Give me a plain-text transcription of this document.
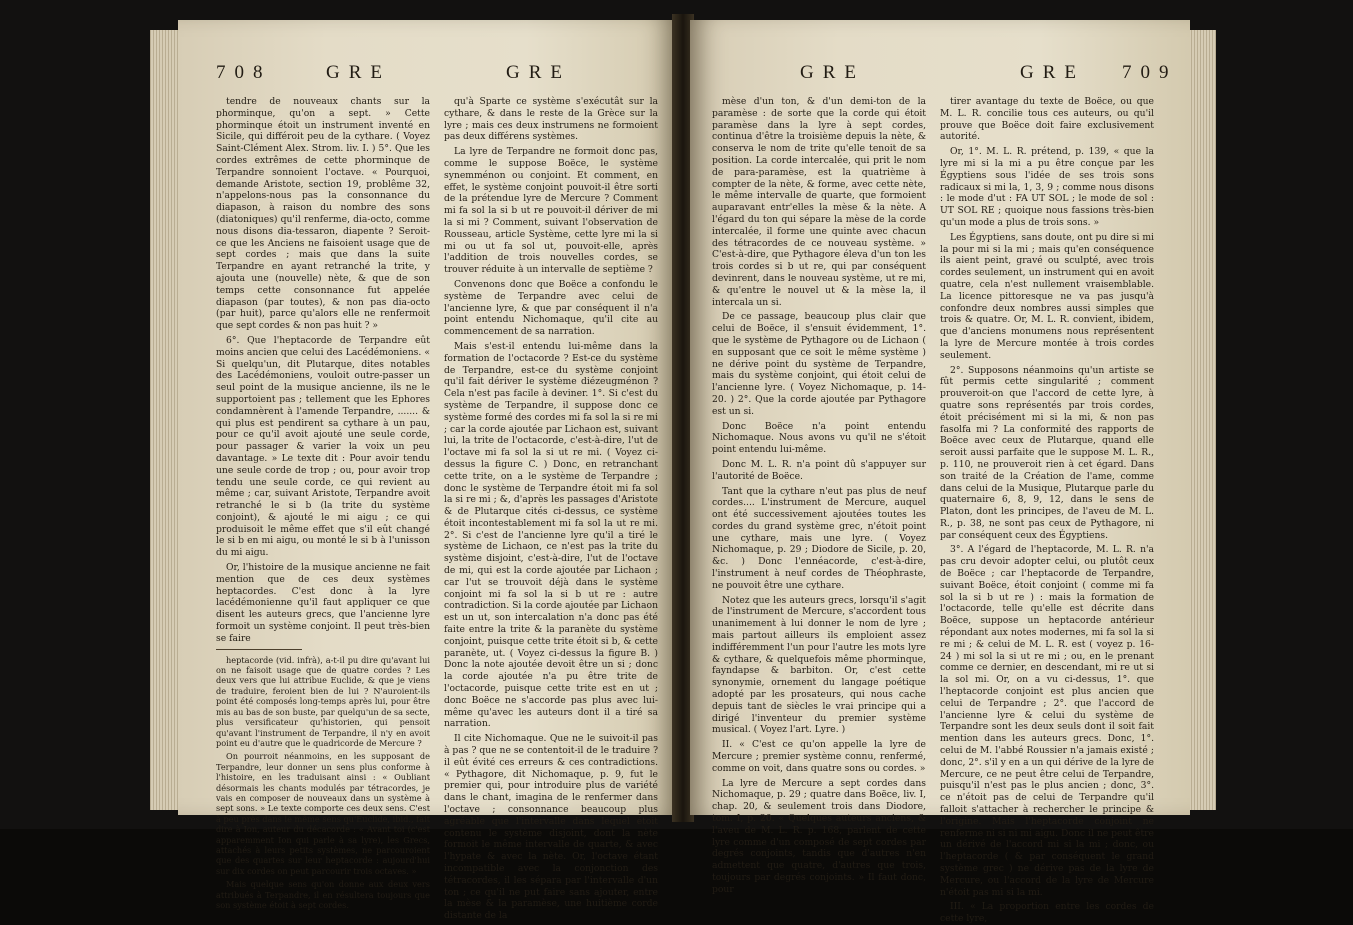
708	GRE	GRE

tendre de nouveaux chants sur la phorminque, qu'on a sept. » Cette phorminque étoit un instrument inventé en Sicile, qui différoit peu de la cythare. ( Voyez Saint-Clément Alex. Strom. liv. I. ) 5°. Que les cordes extrêmes de cette phorminque de Terpandre sonnoient l'octave. « Pourquoi, demande Aristote, section 19, problême 32, n'appelons-nous pas la consonnance du diapason, à raison du nombre des sons (diatoniques) qu'il renferme, dia-octo, comme nous disons dia-tessaron, diapente ? Seroit-ce que les Anciens ne faisoient usage que de sept cordes ; mais que dans la suite Terpandre en ayant retranché la trite, y ajouta une (nouvelle) nète, & que de son temps cette consonnance fut appelée diapason (par toutes), & non pas dia-octo (par huit), parce qu'alors elle ne renfermoit que sept cordes & non pas huit ? »

6°. Que l'heptacorde de Terpandre eût moins ancien que celui des Lacédémoniens. « Si quelqu'un, dit Plutarque, dites notables des Lacédémoniens, vouloit outre-passer un seul point de la musique ancienne, ils ne le supportoient pas ; tellement que les Ephores condamnèrent à l'amende Terpandre, ....... & qui plus est pendirent sa cythare à un pau, pour ce qu'il avoit ajouté une seule corde, pour passager & varier la voix un peu davantage. » Le texte dit : Pour avoir tendu une seule corde de trop ; ou, pour avoir trop tendu une seule corde, ce qui revient au même ; car, suivant Aristote, Terpandre avoit retranché le si b (la trite du système conjoint), & ajouté le mi aigu ; ce qui produisoit le même effet que s'il eût changé le si b en mi aigu, ou monté le si b à l'unisson du mi aigu.

Or, l'histoire de la musique ancienne ne fait mention que de ces deux systèmes heptacordes. C'est donc à la lyre lacédémonienne qu'il faut appliquer ce que disent les auteurs grecs, que l'ancienne lyre formoit un système conjoint. Il peut très-bien se faire

heptacorde (vid. infrà), a-t-il pu dire qu'avant lui on ne faisoit usage que de quatre cordes ? Les deux vers que lui attribue Euclide, & que je viens de traduire, feroient bien de lui ? N'auroient-ils point été composés long-temps après lui, pour être mis au bas de son buste, par quelqu'un de sa secte, plus versificateur qu'historien, qui pensoit qu'avant l'instrument de Terpandre, il n'y en avoit point eu d'autre que le quadricorde de Mercure ?

On pourroit néanmoins, en les supposant de Terpandre, leur donner un sens plus conforme à l'histoire, en les traduisant ainsi : « Oubliant désormais les chants modulés par tétracordes, je vais en composer de nouveaux dans un système à sept sons. » Le texte comporte ces deux sens. C'est à peu près dans le même sens qu'Euclide, ibid., fait dire à Ion, auteur du décacorde : « Avant toi (c'est apparemment Ion qui parle à sa lyre), les Grecs, attachés à leurs petits systèmes, ne parcouroient que des quartes sur leur heptacorde : aujourd'hui sur dix cordes on peut parcourir trois octaves. »

Mais quelque sens qu'on donne aux deux vers attribués à Terpandre, il en résultera toujours que son système étoit à sept cordes.

qu'à Sparte ce système s'exécutât sur la cythare, & dans le reste de la Grèce sur la lyre ; mais ces deux instrumens ne formoient pas deux différens systèmes.

La lyre de Terpandre ne formoit donc pas, comme le suppose Boëce, le système synemménon ou conjoint. Et comment, en effet, le système conjoint pouvoit-il être sorti de la prétendue lyre de Mercure ? Comment mi fa sol la si b ut re pouvoit-il dériver de mi la si mi ? Comment, suivant l'observation de Rousseau, article Système, cette lyre mi la si mi ou ut fa sol ut, pouvoit-elle, après l'addition de trois nouvelles cordes, se trouver réduite à un intervalle de septième ?

Convenons donc que Boëce a confondu le système de Terpandre avec celui de l'ancienne lyre, & que par conséquent il n'a point entendu Nichomaque, qu'il cite au commencement de sa narration.

Mais s'est-il entendu lui-même dans la formation de l'octacorde ? Est-ce du système de Terpandre, est-ce du système conjoint qu'il fait dériver le système diézeugménon ? Cela n'est pas facile à deviner. 1°. Si c'est du système de Terpandre, il suppose donc ce système formé des cordes mi fa sol la si re mi ; car la corde ajoutée par Lichaon est, suivant lui, la trite de l'octacorde, c'est-à-dire, l'ut de l'octave mi fa sol la si ut re mi. ( Voyez ci-dessus la figure C. ) Donc, en retranchant cette trite, on a le système de Terpandre ; donc le système de Terpandre étoit mi fa sol la si re mi ; &, d'après les passages d'Aristote & de Plutarque cités ci-dessus, ce système étoit incontestablement mi fa sol la ut re mi. 2°. Si c'est de l'ancienne lyre qu'il a tiré le système de Lichaon, ce n'est pas la trite du système disjoint, c'est-à-dire, l'ut de l'octave de mi, qui est la corde ajoutée par Lichaon ; car l'ut se trouvoit déjà dans le système conjoint mi fa sol la si b ut re : autre contradiction. Si la corde ajoutée par Lichaon est un ut, son intercalation n'a donc pas été faite entre la trite & la paranète du système conjoint, puisque cette trite étoit si b, & cette paranète, ut. ( Voyez ci-dessus la figure B. ) Donc la note ajoutée devoit être un si ; donc la corde ajoutée n'a pu être trite de l'octacorde, puisque cette trite est en ut ; donc Boëce ne s'accorde pas plus avec lui-même qu'avec les auteurs dont il a tiré sa narration.

Il cite Nichomaque. Que ne le suivoit-il pas à pas ? que ne se contentoit-il de le traduire ? il eût évité ces erreurs & ces contradictions. « Pythagore, dit Nichomaque, p. 9, fut le premier qui, pour introduire plus de variété dans le chant, imagina de le renfermer dans l'octave ; consonnance beaucoup plus agréable que l'intervalle dans lequel étoit contenu le système disjoint, dont la nète formoit le même intervalle de quarte, & avec l'hypate & avec la nète. Or, l'octave étant incompatible avec la conjonction des tétracordes, il les sépara par l'intervalle d'un ton ; ce qu'il ne put faire sans ajouter, entre la mèse & la paramèse, une huitième corde distante de la

GRE	GRE 709

mèse d'un ton, & d'un demi-ton de la paramèse : de sorte que la corde qui étoit paramèse dans la lyre à sept cordes, continua d'être la troisième depuis la nète, & conserva le nom de trite qu'elle tenoit de sa position. La corde intercalée, qui prit le nom de para-paramèse, est la quatrième à compter de la nète, & forme, avec cette nète, le même intervalle de quarte, que formoient auparavant entr'elles la mèse & la nète. A l'égard du ton qui sépare la mèse de la corde intercalée, il forme une quinte avec chacun des tétracordes de ce nouveau système. » C'est-à-dire, que Pythagore éleva d'un ton les trois cordes si b ut re, qui par conséquent devinrent, dans le nouveau système, ut re mi, & qu'entre le nouvel ut & la mèse la, il intercala un si.

De ce passage, beaucoup plus clair que celui de Boëce, il s'ensuit évidemment, 1°. que le système de Pythagore ou de Lichaon ( en supposant que ce soit le même système ) ne dérive point du système de Terpandre, mais du système conjoint, qui étoit celui de l'ancienne lyre. ( Voyez Nichomaque, p. 14-20. ) 2°. Que la corde ajoutée par Pythagore est un si.

Donc Boëce n'a point entendu Nichomaque. Nous avons vu qu'il ne s'étoit point entendu lui-même.

Donc M. L. R. n'a point dû s'appuyer sur l'autorité de Boëce.

Tant que la cythare n'eut pas plus de neuf cordes.... L'instrument de Mercure, auquel ont été successivement ajoutées toutes les cordes du grand système grec, n'étoit point une cythare, mais une lyre. ( Voyez Nichomaque, p. 29 ; Diodore de Sicile, p. 20, &c. ) Donc l'ennéacorde, c'est-à-dire, l'instrument à neuf cordes de Théophraste, ne pouvoit être une cythare.

Notez que les auteurs grecs, lorsqu'il s'agit de l'instrument de Mercure, s'accordent tous unanimement à lui donner le nom de lyre ; mais partout ailleurs ils emploient assez indifféremment l'un pour l'autre les mots lyre & cythare, & quelquefois même phorminque, fayndapse & barbiton. Or, c'est cette synonymie, ornement du langage poétique adopté par les prosateurs, qui nous cache depuis tant de siècles le vrai principe qui a dirigé l'inventeur du premier système musical. ( Voyez l'art. Lyre. )

II. « C'est ce qu'on appelle la lyre de Mercure ; premier système connu, renfermé, comme on voit, dans quatre sons ou cordes. »

La lyre de Mercure a sept cordes dans Nichomaque, p. 29 ; quatre dans Boëce, liv. I, chap. 20, & seulement trois dans Diodore, tom. I, p. 20. « Quelques auteurs anciens, & l'aveu de M. L. R. p. 168, parlent de cette lyre comme d'un composé de sept cordes par degrés conjoints, tandis que d'autres n'en admettent que quatre, d'autres que trois, toujours par degrés conjoints. » Il faut donc, pour

tirer avantage du texte de Boëce, ou que M. L. R. concilie tous ces auteurs, ou qu'il prouve que Boëce doit faire exclusivement autorité.

Or, 1°. M. L. R. prétend, p. 139, « que la lyre mi si la mi a pu être conçue par les Égyptiens sous l'idée de ses trois sons radicaux si mi la, 1, 3, 9 ; comme nous disons : le mode d'ut : FA UT SOL ; le mode de sol : UT SOL RE ; quoique nous fassions très-bien qu'un mode a plus de trois sons. »

Les Égyptiens, sans doute, ont pu dire si mi la pour mi si la mi ; mais qu'en conséquence ils aient peint, gravé ou sculpté, avec trois cordes seulement, un instrument qui en avoit quatre, cela n'est nullement vraisemblable. La licence pittoresque ne va pas jusqu'à confondre deux nombres aussi simples que trois & quatre. Or, M. L. R. convient, ibidem, que d'anciens monumens nous représentent la lyre de Mercure montée à trois cordes seulement.

2°. Supposons néanmoins qu'un artiste se fût permis cette singularité ; comment prouveroit-on que l'accord de cette lyre, à quatre sons représentés par trois cordes, étoit précisément mi si la mi, & non pas fasolfa mi ? La conformité des rapports de Boëce avec ceux de Plutarque, quand elle seroit aussi parfaite que le suppose M. L. R., p. 110, ne prouveroit rien à cet égard. Dans son traité de la Création de l'ame, comme dans celui de la Musique, Plutarque parle du quaternaire 6, 8, 9, 12, dans le sens de Platon, dont les principes, de l'aveu de M. L. R., p. 38, ne sont pas ceux de Pythagore, ni par conséquent ceux des Égyptiens.

3°. A l'égard de l'heptacorde, M. L. R. n'a pas cru devoir adopter celui, ou plutôt ceux de Boëce ; car l'heptacorde de Terpandre, suivant Boëce, étoit conjoint ( comme mi fa sol la si b ut re ) : mais la formation de l'octacorde, telle qu'elle est décrite dans Boëce, suppose un heptacorde antérieur répondant aux notes modernes, mi fa sol la si re mi ; & celui de M. L. R. est ( voyez p. 16-24 ) mi sol la si ut re mi ; ou, en le prenant comme ce dernier, en descendant, mi re ut si la sol mi. Or, on a vu ci-dessus, 1°. que l'heptacorde conjoint est plus ancien que celui de Terpandre ; 2°. que l'accord de l'ancienne lyre & celui du système de Terpandre sont les deux seuls dont il soit fait mention dans les auteurs grecs. Donc, 1°. celui de M. l'abbé Roussier n'a jamais existé ; donc, 2°. s'il y en a un qui dérive de la lyre de Mercure, ce ne peut être celui de Terpandre, puisqu'il n'est pas le plus ancien ; donc, 3°. ce n'étoit pas de celui de Terpandre qu'il falloit s'attacher à rechercher le principe & l'origine. Mais l'heptacorde conjoint ne renferme ni si ni mi aigu. Donc il ne peut être un dérivé de l'accord mi si la mi ; donc, ou l'heptacorde ( & par conséquent le grand système grec ) ne dérive pas de la lyre de Mercure, ou l'accord de la lyre de Mercure n'étoit pas mi si la mi.

III. « La proportion entre les cordes de cette lyre,
